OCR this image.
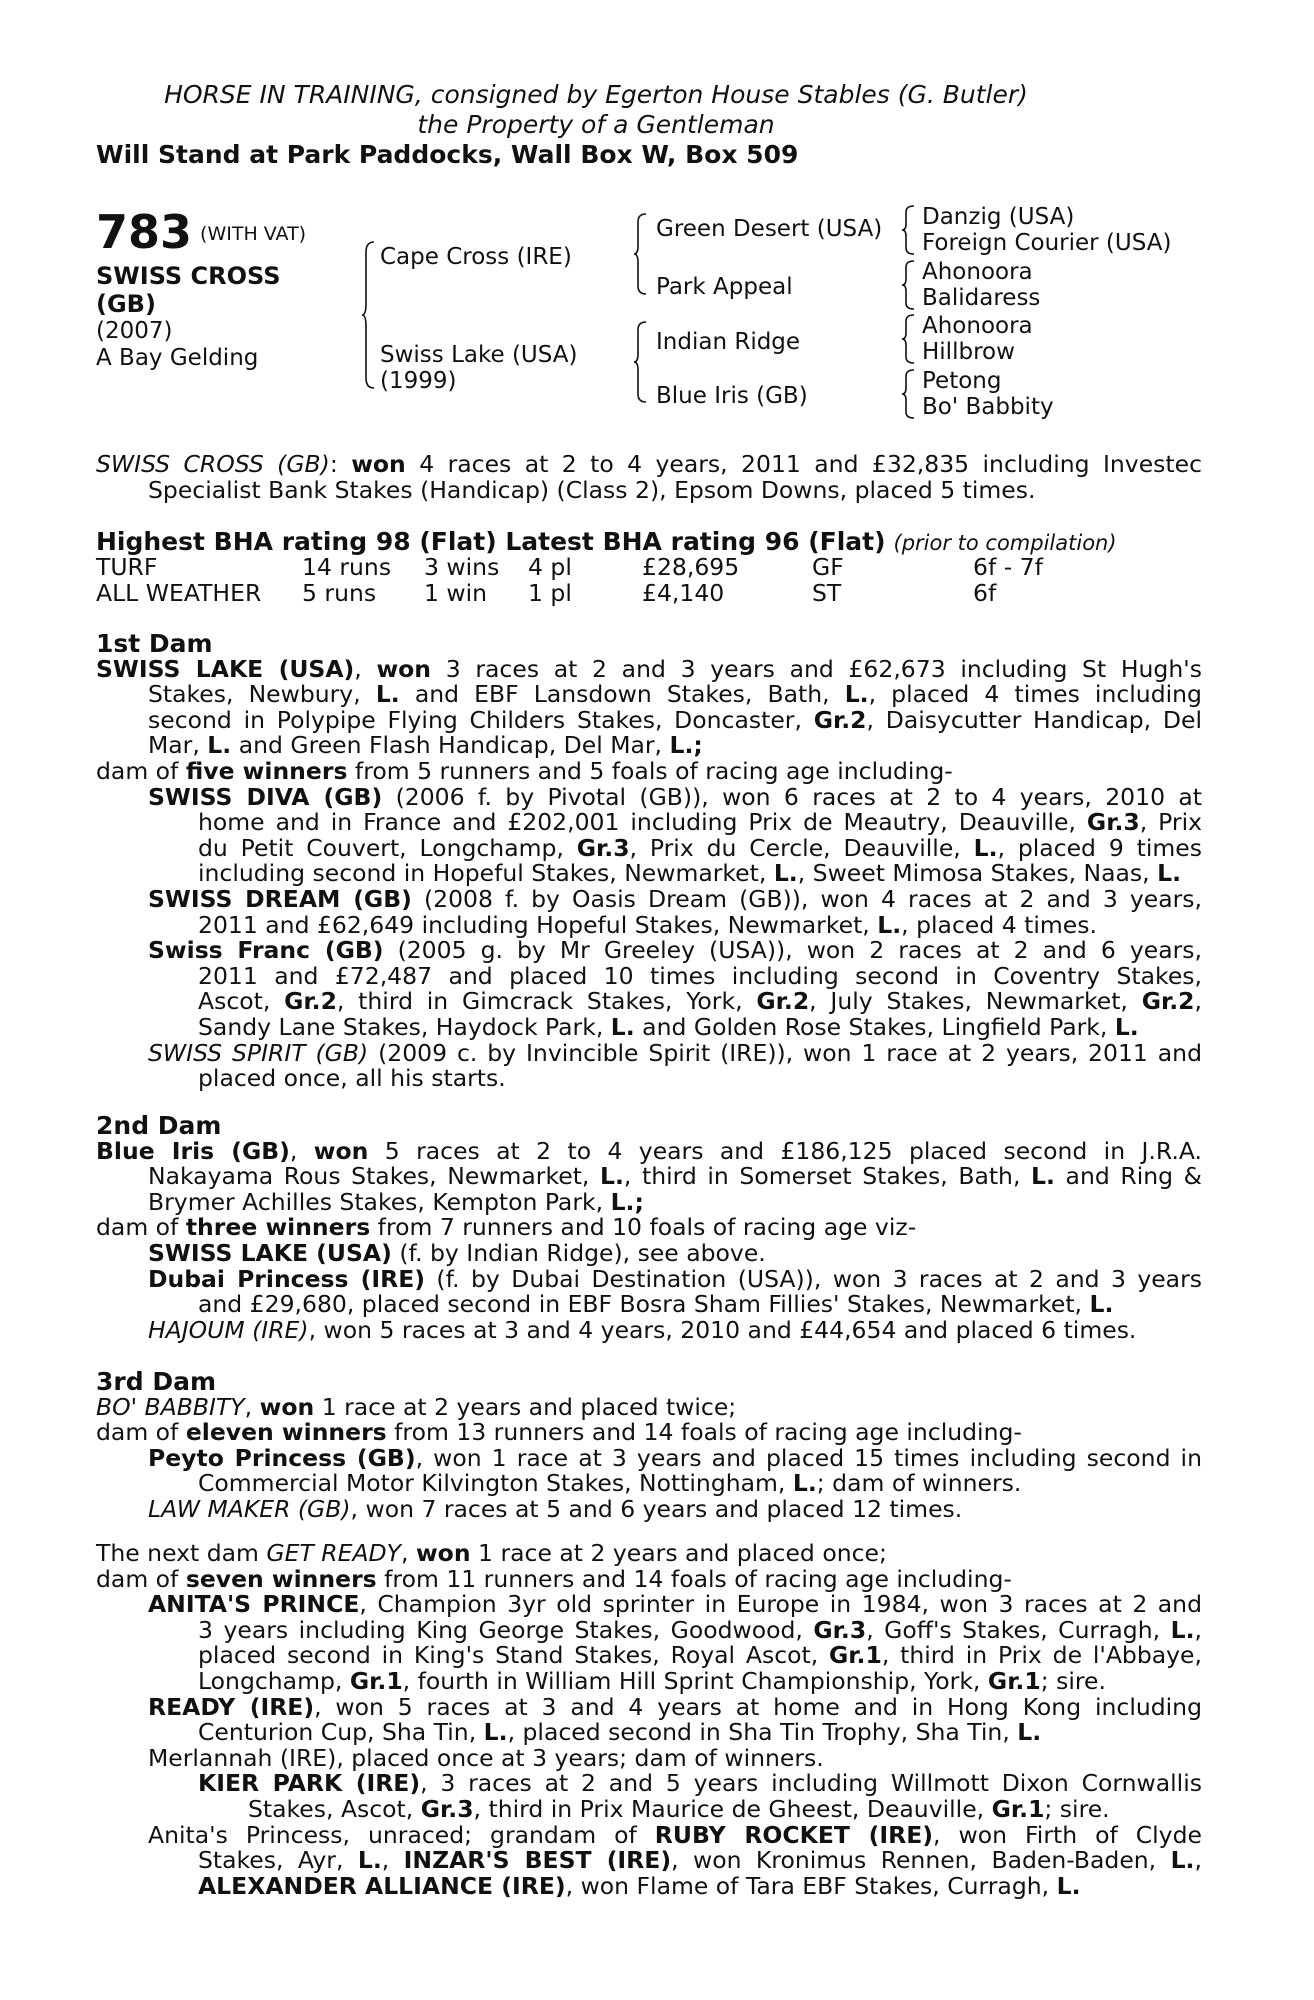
HORSE IN TRAINING, consigned by Egerton House Stables (G. Butler)
the Property of a Gentleman
Will Stand at Park Paddocks, Wall Box W, Box 509
783 (WITH VAT)
SWISS CROSS
(GB)
(2007)
A Bay Gelding
Cape Cross (IRE)
Swiss Lake (USA)
(1999)
Green Desert (USA)
Park Appeal
Indian Ridge
Blue Iris (GB)
Danzig (USA)
Foreign Courier (USA)
Ahonoora
Balidaress
Ahonoora
Hillbrow
Petong
Bo' Babbity
SWISS CROSS (GB): won 4 races at 2 to 4 years, 2011 and £32,835 including Investec
Specialist Bank Stakes (Handicap) (Class 2), Epsom Downs, placed 5 times.
Highest BHA rating 98 (Flat) Latest BHA rating 96 (Flat) (prior to compilation)
TURF	14 runs 3 wins 4 pl	£28,695	GF	6f - 7f
ALL WEATHER 5 runs 1 win 1 pl	£4,140	ST	6f
1st Dam
SWISS LAKE (USA), won 3 races at 2 and 3 years and £62,673 including St Hugh's
Stakes, Newbury, L. and EBF Lansdown Stakes, Bath, L., placed 4 times including
second in Polypipe Flying Childers Stakes, Doncaster, Gr.2, Daisycutter Handicap, Del
Mar, L. and Green Flash Handicap, Del Mar, L.;
dam of five winners from 5 runners and 5 foals of racing age including-
SWISS DIVA (GB) (2006 f. by Pivotal (GB)), won 6 races at 2 to 4 years, 2010 at
home and in France and £202,001 including Prix de Meautry, Deauville, Gr.3, Prix
du Petit Couvert, Longchamp, Gr.3, Prix du Cercle, Deauville, L., placed 9 times
including second in Hopeful Stakes, Newmarket, L., Sweet Mimosa Stakes, Naas, L.
SWISS DREAM (GB) (2008 f. by Oasis Dream (GB)), won 4 races at 2 and 3 years,
2011 and £62,649 including Hopeful Stakes, Newmarket, L., placed 4 times.
Swiss Franc (GB) (2005 g. by Mr Greeley (USA)), won 2 races at 2 and 6 years,
2011 and £72,487 and placed 10 times including second in Coventry Stakes,
Ascot, Gr.2, third in Gimcrack Stakes, York, Gr.2, July Stakes, Newmarket, Gr.2,
Sandy Lane Stakes, Haydock Park, L. and Golden Rose Stakes, Lingfield Park, L.
SWISS SPIRIT (GB) (2009 c. by Invincible Spirit (IRE)), won 1 race at 2 years, 2011 and
placed once, all his starts.
2nd Dam
Blue Iris (GB), won 5 races at 2 to 4 years and £186,125 placed second in J.R.A.
Nakayama Rous Stakes, Newmarket, L., third in Somerset Stakes, Bath, L. and Ring &
Brymer Achilles Stakes, Kempton Park, L.;
dam of three winners from 7 runners and 10 foals of racing age viz-
SWISS LAKE (USA) (f. by Indian Ridge), see above.
Dubai Princess (IRE) (f. by Dubai Destination (USA)), won 3 races at 2 and 3 years
and £29,680, placed second in EBF Bosra Sham Fillies' Stakes, Newmarket, L.
HAJOUM (IRE), won 5 races at 3 and 4 years, 2010 and £44,654 and placed 6 times.
3rd Dam
BO' BABBITY, won 1 race at 2 years and placed twice;
dam of eleven winners from 13 runners and 14 foals of racing age including-
Peyto Princess (GB), won 1 race at 3 years and placed 15 times including second in
Commercial Motor Kilvington Stakes, Nottingham, L.; dam of winners.
LAW MAKER (GB), won 7 races at 5 and 6 years and placed 12 times.
The next dam GET READY, won 1 race at 2 years and placed once;
dam of seven winners from 11 runners and 14 foals of racing age including-
ANITA'S PRINCE, Champion 3yr old sprinter in Europe in 1984, won 3 races at 2 and
3 years including King George Stakes, Goodwood, Gr.3, Goff's Stakes, Curragh, L.,
placed second in King's Stand Stakes, Royal Ascot, Gr.1, third in Prix de l'Abbaye,
Longchamp, Gr.1, fourth in William Hill Sprint Championship, York, Gr.1; sire.
READY (IRE), won 5 races at 3 and 4 years at home and in Hong Kong including
Centurion Cup, Sha Tin, L., placed second in Sha Tin Trophy, Sha Tin, L.
Merlannah (IRE), placed once at 3 years; dam of winners.
KIER PARK (IRE), 3 races at 2 and 5 years including Willmott Dixon Cornwallis
Stakes, Ascot, Gr.3, third in Prix Maurice de Gheest, Deauville, Gr.1; sire.
Anita's Princess, unraced; grandam of RUBY ROCKET (IRE), won Firth of Clyde
Stakes, Ayr, L., INZAR'S BEST (IRE), won Kronimus Rennen, Baden-Baden, L.,
ALEXANDER ALLIANCE (IRE), won Flame of Tara EBF Stakes, Curragh, L.
